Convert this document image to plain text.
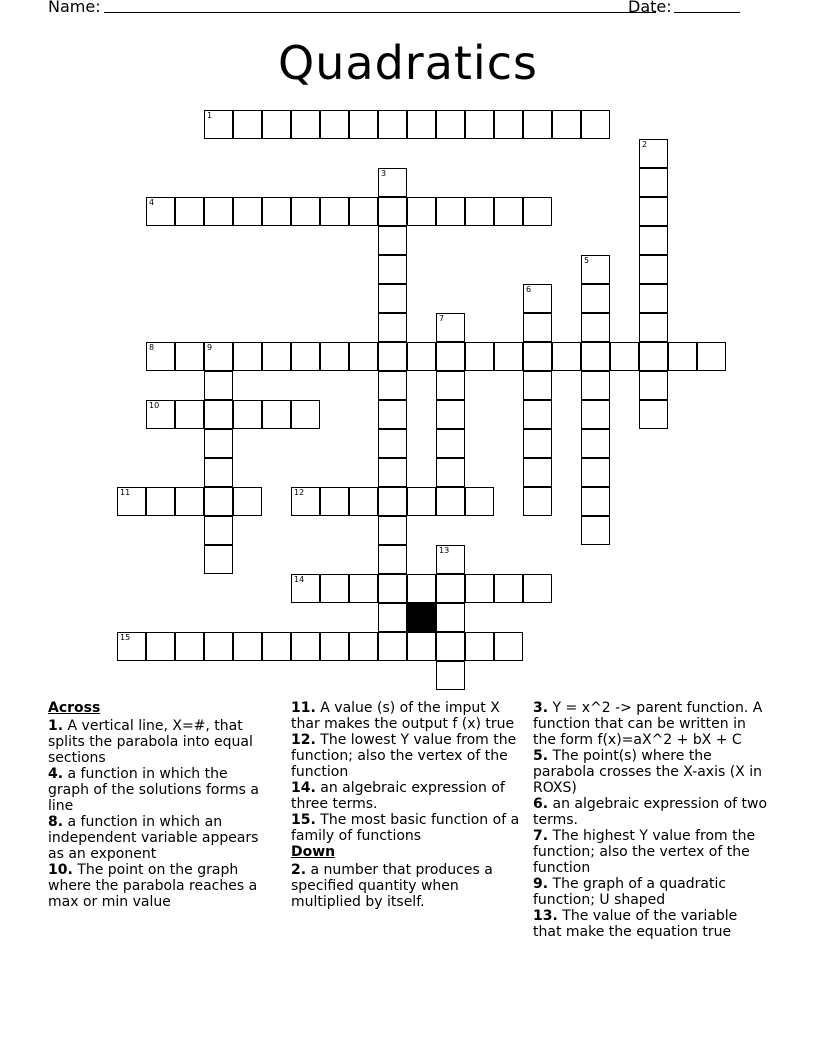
Name:	Date:
Quadratics
1
2
3
4
5
6
7
8	9
10
11	12
13
14
15
Across
1. A vertical line, X=#, that splits the parabola into equal sections
4. a function in which the graph of the solutions forms a line
8. a function in which an independent variable appears as an exponent
10. The point on the graph where the parabola reaches a max or min value
11. A value (s) of the imput X thar makes the output f (x) true
12. The lowest Y value from the function; also the vertex of the function
14. an algebraic expression of three terms.
15. The most basic function of a family of functions
Down
2. a number that produces a specified quantity when multiplied by itself.
3. Y = x^2 -> parent function. A function that can be written in the form f(x)=aX^2 + bX + C
5. The point(s) where the parabola crosses the X-axis (X in ROXS)
6. an algebraic expression of two terms.
7. The highest Y value from the function; also the vertex of the function
9. The graph of a quadratic function; U shaped
13. The value of the variable that make the equation true
